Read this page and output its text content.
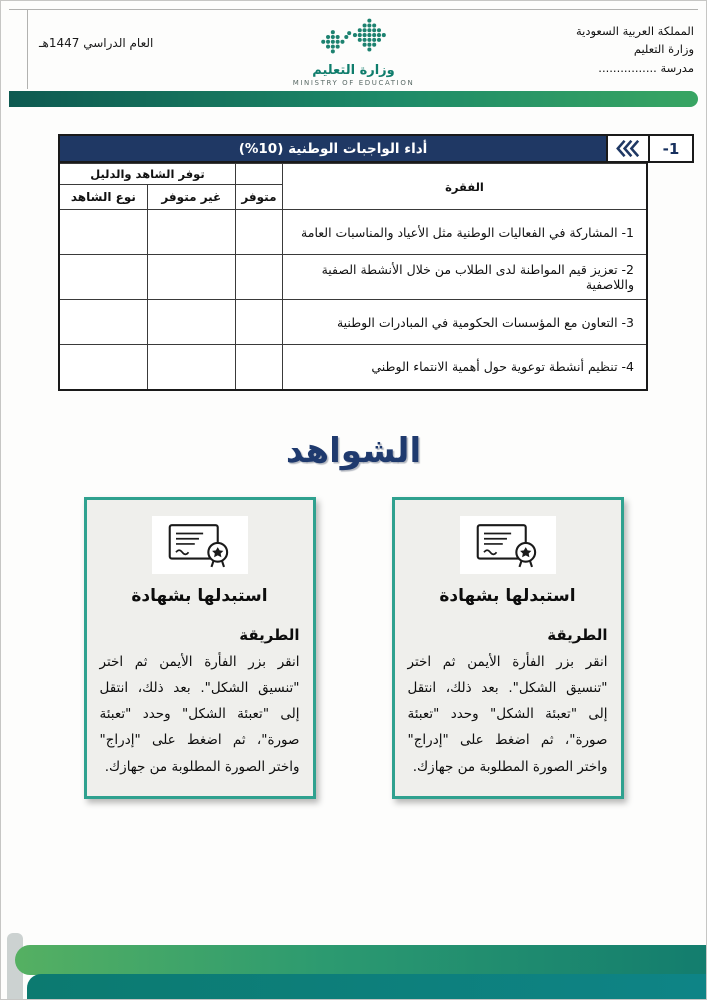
العام الدراسي 1447هـ
وزارة التعليم
MINISTRY OF EDUCATION
المملكة العربية السعودية
وزارة التعليم
مدرسة ................
-1
أداء الواجبات الوطنية (10%)
الفقرة		توفر الشاهد والدليل	
	متوفر	غير متوفر	نوع الشاهد
1- المشاركة في الفعاليات الوطنية مثل الأعياد والمناسبات العامة			
2- تعزيز قيم المواطنة لدى الطلاب من خلال الأنشطة الصفية واللاصفية			
3- التعاون مع المؤسسات الحكومية في المبادرات الوطنية			
4- تنظيم أنشطة توعوية حول أهمية الانتماء الوطني			
الشواهد
استبدلها بشهادة
الطريقة

انقر بزر الفأرة الأيمن ثم اختر "تنسيق الشكل". بعد ذلك، انتقل إلى "تعبئة الشكل" وحدد "تعبئة صورة"، ثم اضغط على "إدراج" واختر الصورة المطلوبة من جهازك.

استبدلها بشهادة
الطريقة

انقر بزر الفأرة الأيمن ثم اختر "تنسيق الشكل". بعد ذلك، انتقل إلى "تعبئة الشكل" وحدد "تعبئة صورة"، ثم اضغط على "إدراج" واختر الصورة المطلوبة من جهازك.
